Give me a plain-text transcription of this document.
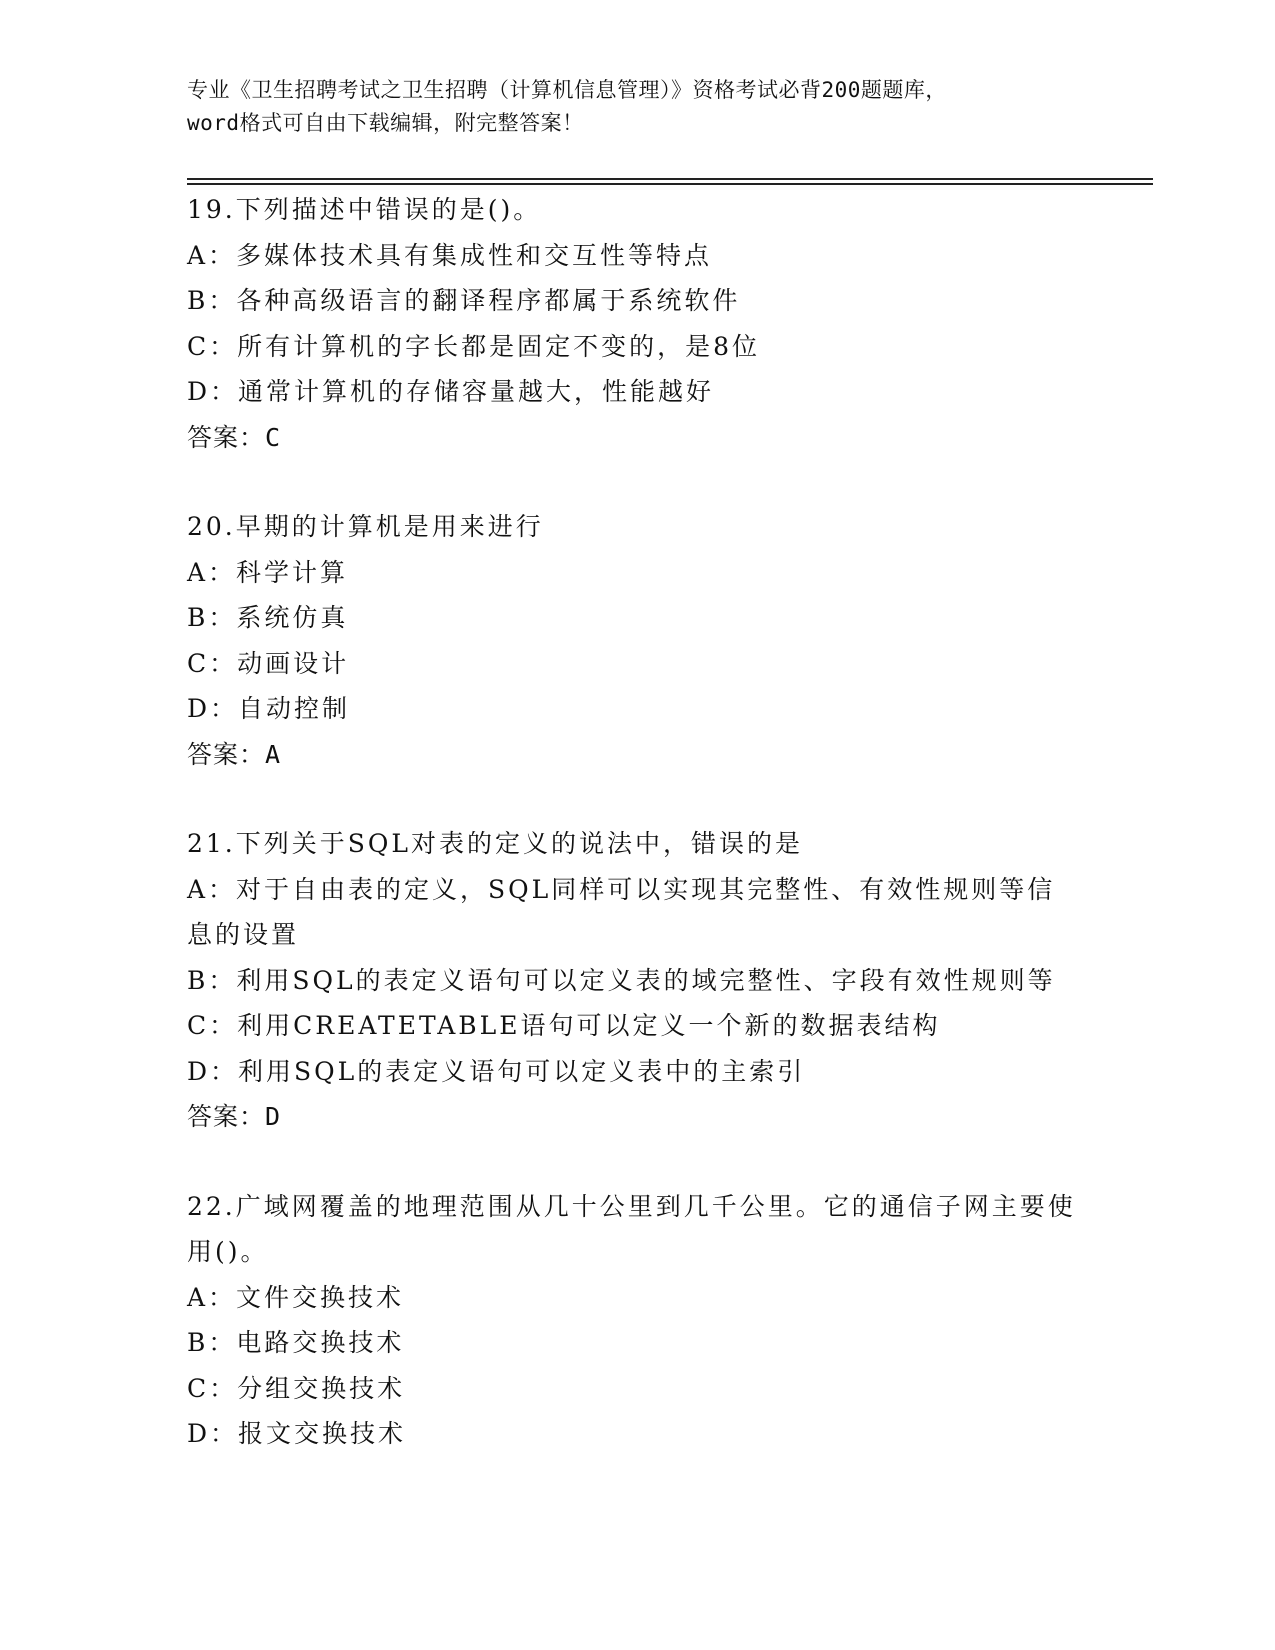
专业《卫生招聘考试之卫生招聘（计算机信息管理）》资格考试必背200题题库，
word格式可自由下载编辑，附完整答案！
19.下列描述中错误的是()。
A：多媒体技术具有集成性和交互性等特点
B：各种高级语言的翻译程序都属于系统软件
C：所有计算机的字长都是固定不变的，是8位
D：通常计算机的存储容量越大，性能越好
答案：C
20.早期的计算机是用来进行
A：科学计算
B：系统仿真
C：动画设计
D：自动控制
答案：A
21.下列关于SQL对表的定义的说法中，错误的是
A：对于自由表的定义，SQL同样可以实现其完整性、有效性规则等信息的设置
B：利用SQL的表定义语句可以定义表的域完整性、字段有效性规则等
C：利用CREATETABLE语句可以定义一个新的数据表结构
D：利用SQL的表定义语句可以定义表中的主索引
答案：D
22.广域网覆盖的地理范围从几十公里到几千公里。它的通信子网主要使用()。
A：文件交换技术
B：电路交换技术
C：分组交换技术
D：报文交换技术
